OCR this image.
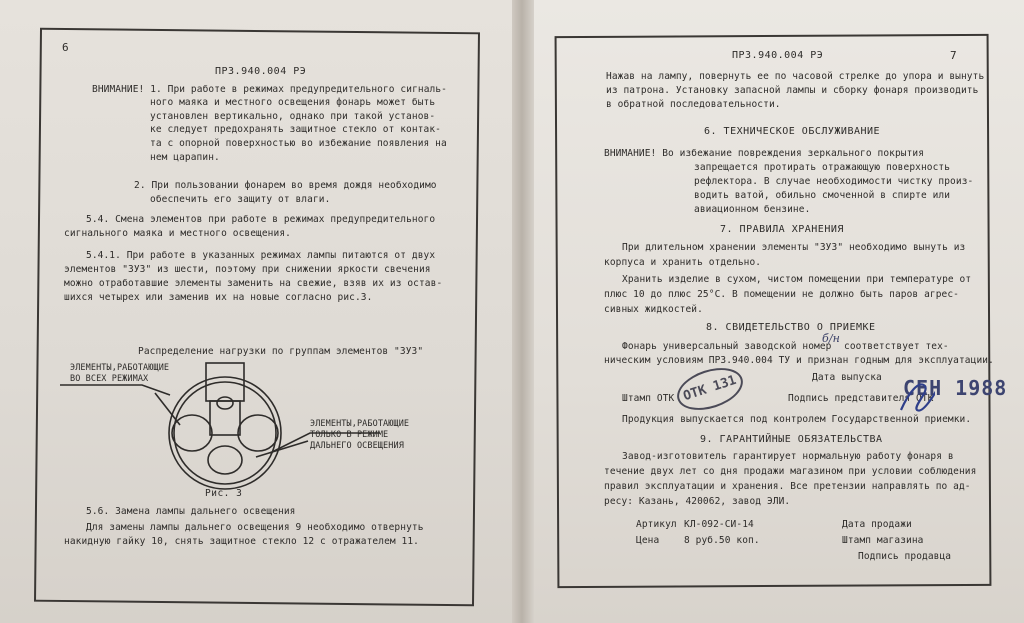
6
ПРЗ.940.004 РЭ
ВНИМАНИЕ! 1. При работе в режимах предупредительного сигналь-
ного маяка и местного освещения фонарь может быть
установлен вертикально, однако при такой установ-
ке следует предохранять защитное стекло от контак-
та с опорной поверхностью во избежание появления на
нем царапин.
2. При пользовании фонарем во время дождя необходимо
обеспечить его защиту от влаги.
5.4. Смена элементов при работе в режимах предупредительного
сигнального маяка и местного освещения.
5.4.1. При работе в указанных режимах лампы питаются от двух
элементов "ЗУЗ" из шести, поэтому при снижении яркости свечения
можно отработавшие элементы заменить на свежие, взяв их из остав-
шихся четырех или заменив их на новые согласно рис.3.
Распределение нагрузки по группам элементов "ЗУЗ"
ЭЛЕМЕНТЫ,РАБОТАЮЩИЕ
ВО ВСЕХ РЕЖИМАХ
ЭЛЕМЕНТЫ,РАБОТАЮЩИЕ
ТОЛЬКО В РЕЖИМЕ
ДАЛЬНЕГО ОСВЕЩЕНИЯ
Рис. 3
5.6. Замена лампы дальнего освещения
Для замены лампы дальнего освещения 9 необходимо отвернуть
накидную гайку 10, снять защитное стекло 12 с отражателем 11.
7
ПРЗ.940.004 РЭ
Нажав на лампу, повернуть ее по часовой стрелке до упора и вынуть
из патрона. Установку запасной лампы и сборку фонаря производить
в обратной последовательности.
6. ТЕХНИЧЕСКОЕ ОБСЛУЖИВАНИЕ
ВНИМАНИЕ! Во избежание повреждения зеркального покрытия
запрещается протирать отражающую поверхность
рефлектора. В случае необходимости чистку произ-
водить ватой, обильно смоченной в спирте или
авиационном бензине.
7. ПРАВИЛА ХРАНЕНИЯ
При длительном хранении элементы "ЗУЗ" необходимо вынуть из
корпуса и хранить отдельно.
Хранить изделие в сухом, чистом помещении при температуре от
плюс 10 до плюс 25°С. В помещении не должно быть паров агрес-
сивных жидкостей.
8. СВИДЕТЕЛЬСТВО О ПРИЕМКЕ
Фонарь универсальный заводской номер
б/н
соответствует тех-
ническим условиям ПРЗ.940.004 ТУ и признан годным для эксплуатации.
Дата выпуска
Штамп ОТК	Подпись представителя ОТК
Продукция выпускается под контролем Государственной приемки.
ОТК 131	СЕН 1988
9. ГАРАНТИЙНЫЕ ОБЯЗАТЕЛЬСТВА
Завод-изготовитель гарантирует нормальную работу фонаря в
течение двух лет со дня продажи магазином при условии соблюдения
правил эксплуатации и хранения. Все претензии направлять по ад-
ресу: Казань, 420062, завод ЭЛИ.
Артикул КЛ-092-СИ-14
Цена	8 руб.50 коп.
Дата продажи
Штамп магазина
Подпись продавца
